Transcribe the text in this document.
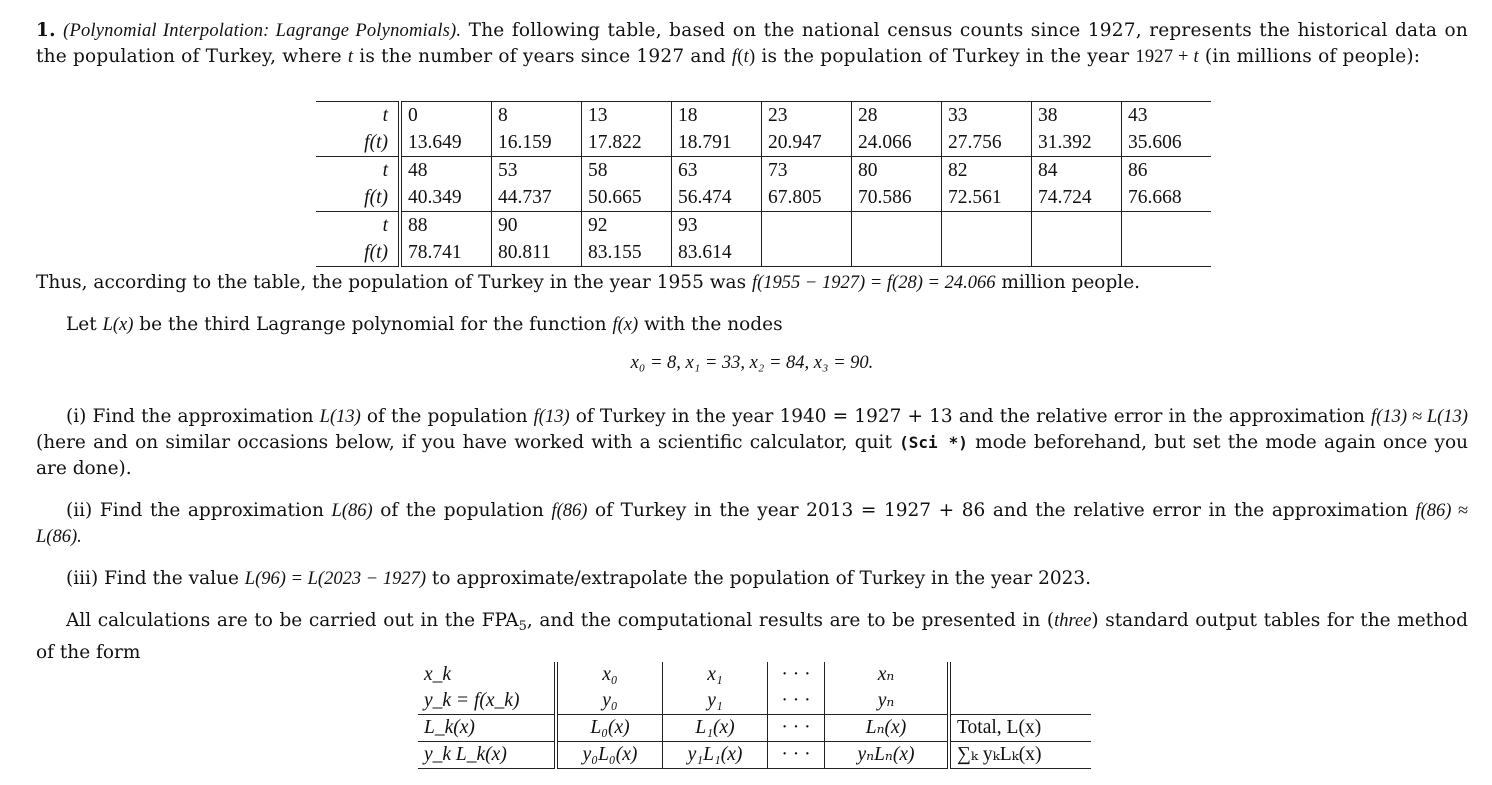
1. (Polynomial Interpolation: Lagrange Polynomials). The following table, based on the national census counts since 1927, represents the historical data on the population of Turkey, where t is the number of years since 1927 and f(t) is the population of Turkey in the year 1927 + t (in millions of people):

t	0	8	13	18	23	28	33	38	43
f(t)	13.649	16.159	17.822	18.791	20.947	24.066	27.756	31.392	35.606
t	48	53	58	63	73	80	82	84	86
f(t)	40.349	44.737	50.665	56.474	67.805	70.586	72.561	74.724	76.668
t	88	90	92	93					
f(t)	78.741	80.811	83.155	83.614					

Thus, according to the table, the population of Turkey in the year 1955 was f(1955 − 1927) = f(28) = 24.066 million people.

Let L(x) be the third Lagrange polynomial for the function f(x) with the nodes

x₀ = 8, x₁ = 33, x₂ = 84, x₃ = 90.

(i) Find the approximation L(13) of the population f(13) of Turkey in the year 1940 = 1927 + 13 and the relative error in the approximation f(13) ≈ L(13) (here and on similar occasions below, if you have worked with a scientific calculator, quit (Sci *) mode beforehand, but set the mode again once you are done).

(ii) Find the approximation L(86) of the population f(86) of Turkey in the year 2013 = 1927 + 86 and the relative error in the approximation f(86) ≈ L(86).

(iii) Find the value L(96) = L(2023 − 1927) to approximate/extrapolate the population of Turkey in the year 2023.

All calculations are to be carried out in the $FPA_5$, and the computational results are to be presented in (three) standard output tables for the method of the form

x_k	x₀	x₁	· · ·	xₙ	
y_k = f(x_k)	y₀	y₁	· · ·	yₙ	
L_k(x)	L₀(x)	L₁(x)	· · ·	Lₙ(x)	Total, L(x)
y_k L_k(x)	y₀L₀(x)	y₁L₁(x)	· · ·	yₙLₙ(x)	∑ₖ yₖLₖ(x)
